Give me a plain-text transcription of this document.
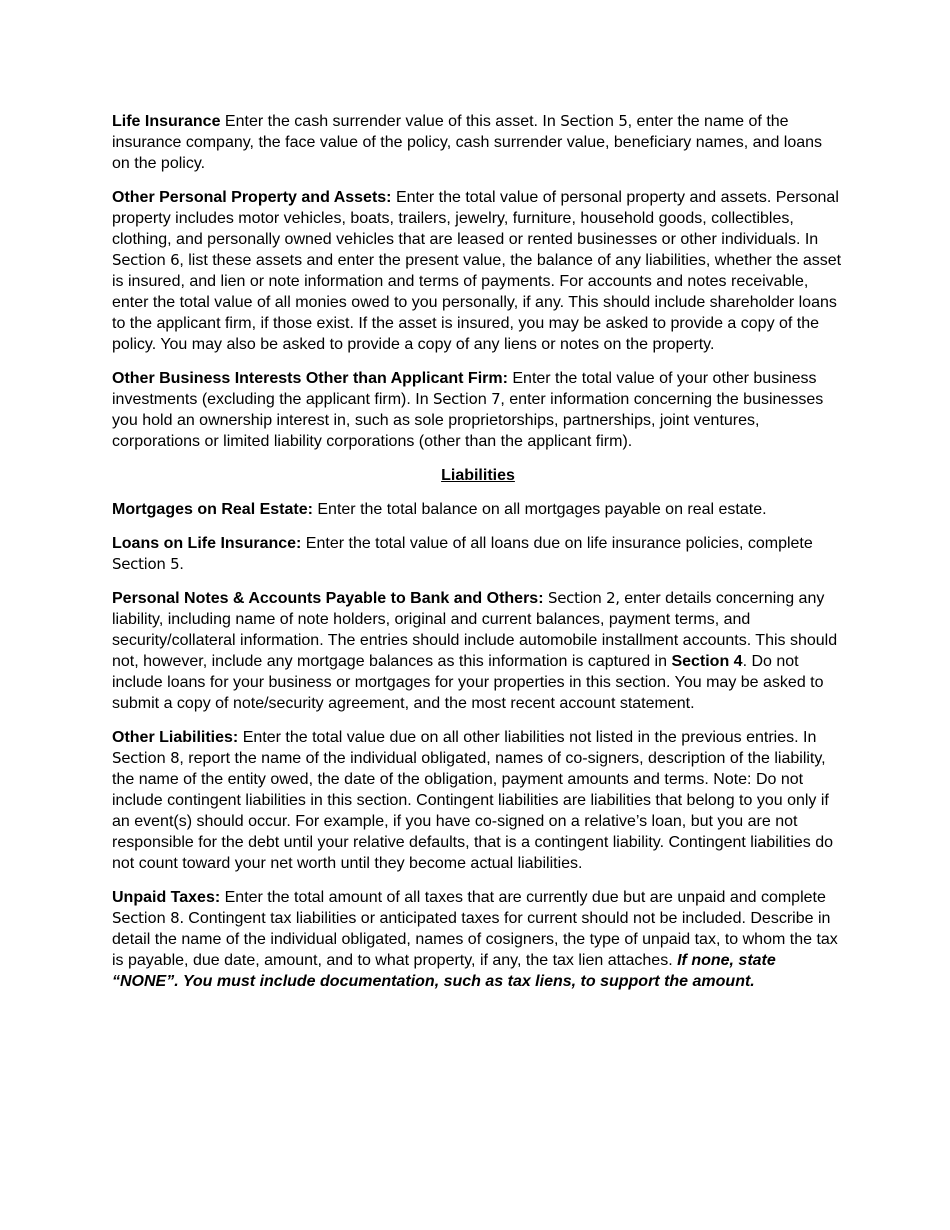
Life Insurance Enter the cash surrender value of this asset. In Section 5, enter the name of the insurance company, the face value of the policy, cash surrender value, beneficiary names, and loans on the policy.

Other Personal Property and Assets: Enter the total value of personal property and assets. Personal property includes motor vehicles, boats, trailers, jewelry, furniture, household goods, collectibles, clothing, and personally owned vehicles that are leased or rented businesses or other individuals. In Section 6, list these assets and enter the present value, the balance of any liabilities, whether the asset is insured, and lien or note information and terms of payments. For accounts and notes receivable, enter the total value of all monies owed to you personally, if any. This should include shareholder loans to the applicant firm, if those exist. If the asset is insured, you may be asked to provide a copy of the policy. You may also be asked to provide a copy of any liens or notes on the property.

Other Business Interests Other than Applicant Firm: Enter the total value of your other business investments (excluding the applicant firm). In Section 7, enter information concerning the businesses you hold an ownership interest in, such as sole proprietorships, partnerships, joint ventures, corporations or limited liability corporations (other than the applicant firm).

Liabilities

Mortgages on Real Estate: Enter the total balance on all mortgages payable on real estate.

Loans on Life Insurance: Enter the total value of all loans due on life insurance policies, complete Section 5.

Personal Notes & Accounts Payable to Bank and Others: Section 2, enter details concerning any liability, including name of note holders, original and current balances, payment terms, and security/collateral information. The entries should include automobile installment accounts. This should not, however, include any mortgage balances as this information is captured in Section 4. Do not include loans for your business or mortgages for your properties in this section. You may be asked to submit a copy of note/security agreement, and the most recent account statement.

Other Liabilities: Enter the total value due on all other liabilities not listed in the previous entries. In Section 8, report the name of the individual obligated, names of co-signers, description of the liability, the name of the entity owed, the date of the obligation, payment amounts and terms. Note: Do not include contingent liabilities in this section. Contingent liabilities are liabilities that belong to you only if an event(s) should occur. For example, if you have co-signed on a relative’s loan, but you are not responsible for the debt until your relative defaults, that is a contingent liability. Contingent liabilities do not count toward your net worth until they become actual liabilities.

Unpaid Taxes: Enter the total amount of all taxes that are currently due but are unpaid and complete Section 8. Contingent tax liabilities or anticipated taxes for current should not be included. Describe in detail the name of the individual obligated, names of cosigners, the type of unpaid tax, to whom the tax is payable, due date, amount, and to what property, if any, the tax lien attaches. If none, state “NONE”. You must include documentation, such as tax liens, to support the amount.
